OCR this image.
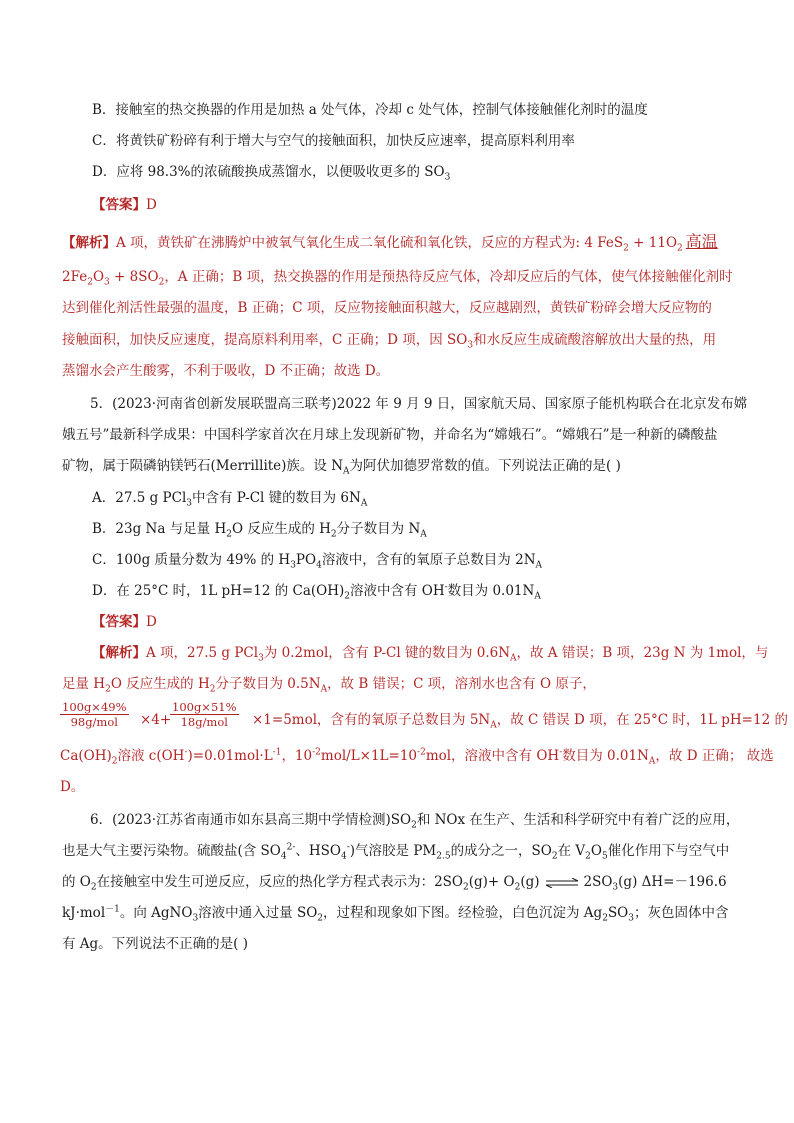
B．接触室的热交换器的作用是加热 a 处气体，冷却 c 处气体，控制气体接触催化剂时的温度
C．将黄铁矿粉碎有利于增大与空气的接触面积，加快反应速率，提高原料利用率
D．应将 98.3%的浓硫酸换成蒸馏水，以便吸收更多的 $SO_3$
【答案】D
【解析】A 项，黄铁矿在沸腾炉中被氧气氧化生成二氧化硫和氧化铁，反应的方程式为: 4 $FeS_2 + 11O_2$ 高温
$2Fe_2O_3 + 8SO_2$，A 正确；B 项，热交换器的作用是预热待反应气体，冷却反应后的气体，使气体接触催化剂时
达到催化剂活性最强的温度，B 正确；C 项，反应物接触面积越大，反应越剧烈，黄铁矿粉碎会增大反应物的
接触面积，加快反应速度，提高原料利用率，C 正确；D 项，因 $SO_3$和水反应生成硫酸溶解放出大量的热，用
蒸馏水会产生酸雾，不利于吸收，D 不正确；故选 D。
5．(2023·河南省创新发展联盟高三联考)2022 年 9 月 9 日，国家航天局、国家原子能机构联合在北京发布嫦
娥五号”最新科学成果：中国科学家首次在月球上发现新矿物，并命名为“嫦娥石”。“嫦娥石”是一种新的磷酸盐
矿物，属于陨磷钠镁钙石(Merrillite)族。设 $N_A$为阿伏加德罗常数的值。下列说法正确的是( )
A．27.5 g PCl$_3$中含有 P-Cl 键的数目为 $6N_A$
B．23g Na 与足量 $H_2O$ 反应生成的 $H_2$分子数目为 $N_A$
C．100g 质量分数为 49% 的 $H_3PO_4$溶液中，含有的氧原子总数目为 $2N_A$
D．在 25°C 时，1L pH=12 的 $Ca(OH)_2$溶液中含有 OH-数目为 $0.01N_A$
【答案】D
【解析】A 项，27.5 g PCl$_3$为 0.2mol，含有 P-Cl 键的数目为 $0.6N_A$，故 A 错误；B 项，23g N 为 1mol，与
足量 $H_2O$ 反应生成的 $H_2$分子数目为 $0.5N_A$，故 B 错误；C 项，溶剂水也含有 O 原子，
100g×49%
98g/mol	×4+
100g×51%
18g/mol	×1=5mol，含有的氧原子总数目为 $5N_A$，故 C 错误 D 项，在 25°C 时，1L pH=12 的
$Ca(OH)_2$溶液 $c(OH^-)=0.01mol\cdot L^{-1}$，$10^{-2}mol/L\times 1L=10^{-2}mol$，溶液中含有 OH-数目为 $0.01N_A$，故 D 正确； 故选
D。
6．(2023·江苏省南通市如东县高三期中学情检测)$SO_2$和 NOx 在生产、生活和科学研究中有着广泛的应用，
也是大气主要污染物。硫酸盐(含 $SO_4^{2-}$、$HSO_4^-$)气溶胶是 $PM_{2.5}$的成分之一，$SO_2$在 $V_2O_5$催化作用下与空气中
的 $O_2$在接触室中发生可逆反应，反应的热化学方程式表示为：$2SO_2(g)+ O_2(g)$ ⇌ $2SO_3(g)$ ΔH=－196.6
kJ·mol$^{-1}$。向 AgNO$_3$溶液中通入过量 $SO_2$，过程和现象如下图。经检验，白色沉淀为 $Ag_2SO_3$；灰色固体中含
有 Ag。下列说法不正确的是( )
